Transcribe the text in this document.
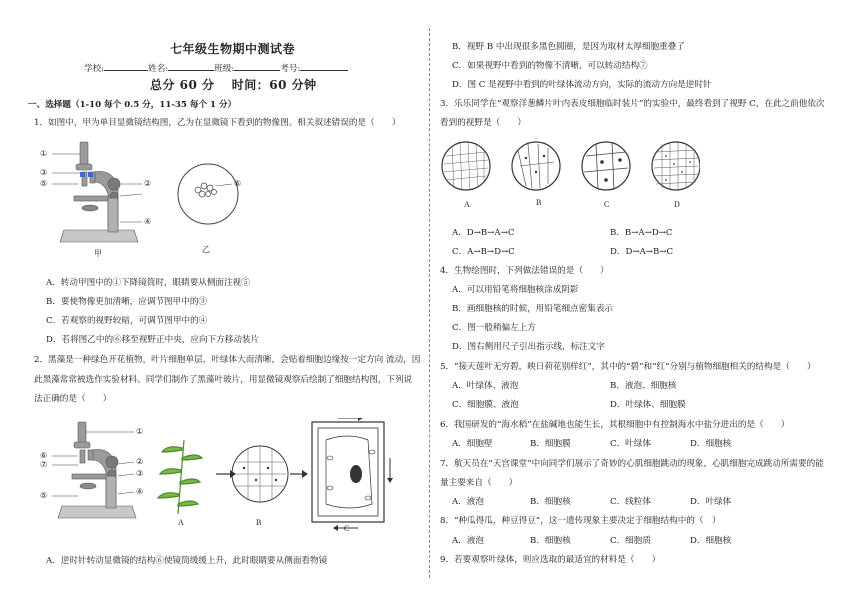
七年级生物期中测试卷
学校:	姓名:	班级:	考号:
总分 60 分　 时间：60 分钟
一、选择题（1-10 每个 0.5 分，11-35 每个 1 分）
1．如图中，甲为单目显微镜结构图，乙为在显微镜下看到的物像图。相关叙述错误的是（　　）
①
②
③
④
⑤	⑥
甲	乙
A．转动甲图中的①下降镜筒时，眼睛要从侧面注视⑤
B．要使物像更加清晰，应调节图甲中的③
C．若观察的视野较暗，可调节图甲中的④
D．若将图乙中的⑥移至视野正中央，应向下方移动装片
2．黑藻是一种绿色开花植物，叶片细胞单层，叶绿体大而清晰，会贴着细胞边缘按一定方向 流动，因
此黑藻常常被选作实验材料。同学们制作了黑藻叶玻片，用显微镜观察后绘制了细胞结构图，下列说
法正确的是（　　）
①
⑥
⑦	②
③
⑤	④
A	B
C
A．逆时针转动显微镜的结构⑥使镜筒缓缓上升，此时眼睛要从侧面看物镜
B．视野 B 中出现很多黑色圆圈，是因为取材太厚细胞重叠了
C．如果视野中看到的物像不清晰，可以转动结构⑦
D．图 C 是视野中看到的叶绿体流动方向，实际的流动方向是逆时针
3．乐乐同学在“观察洋葱鳞片叶内表皮细胞临时装片”的实验中，最终看到了视野 C，在此之前他依次
看到的视野是（　　）
A	B	C	D
A．D→B→A→C	B．B→A→D→C
C．A→B→D→C	D．D→A→B→C
4．生物绘图时，下列做法错误的是（　　）
A．可以用铅笔将细胞核涂成阴影
B．画细胞核的时候，用铅笔细点密集表示
C．图一般稍偏左上方
D．图右侧用尺子引出指示线，标注文字
5．“接天莲叶无穷碧，映日荷花别样红”，其中的“碧”和“红”分别与植物细胞相关的结构是（　　）
A．叶绿体、液泡	B．液泡、细胞核
C．细胞膜、液泡	D．叶绿体、细胞膜
6．我国研发的“海水稻”在盐碱地也能生长，其根细胞中有控制海水中盐分进出的是（　　）
A．细胞壁	B．细胞膜	C．叶绿体	D．细胞核
7．航天员在“天宫课堂”中向同学们展示了奇妙的心肌细胞跳动的现象，心肌细胞完成跳动所需要的能
量主要来自（　　）
A．液泡	B．细胞核	C．线粒体	D．叶绿体
8．“种瓜得瓜，种豆得豆”，这一遗传现象主要决定于细胞结构中的（　）
A．液泡	B．细胞核	C．细胞质	D．细胞核
9．若要观察叶绿体，则应选取的最适宜的材料是（　　）
